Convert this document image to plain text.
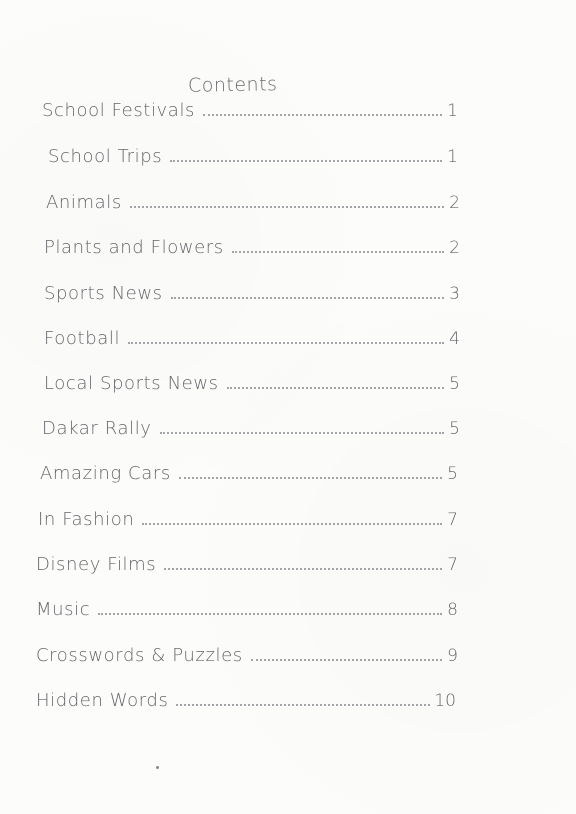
Contents
School Festivals	1
School Trips	1
Animals	2
Plants and Flowers	2
Sports News	3
Football	4
Local Sports News	5
Dakar Rally	5
Amazing Cars	5
In Fashion	7
Disney Films	7
Music	8
Crosswords & Puzzles	9
Hidden Words	10
